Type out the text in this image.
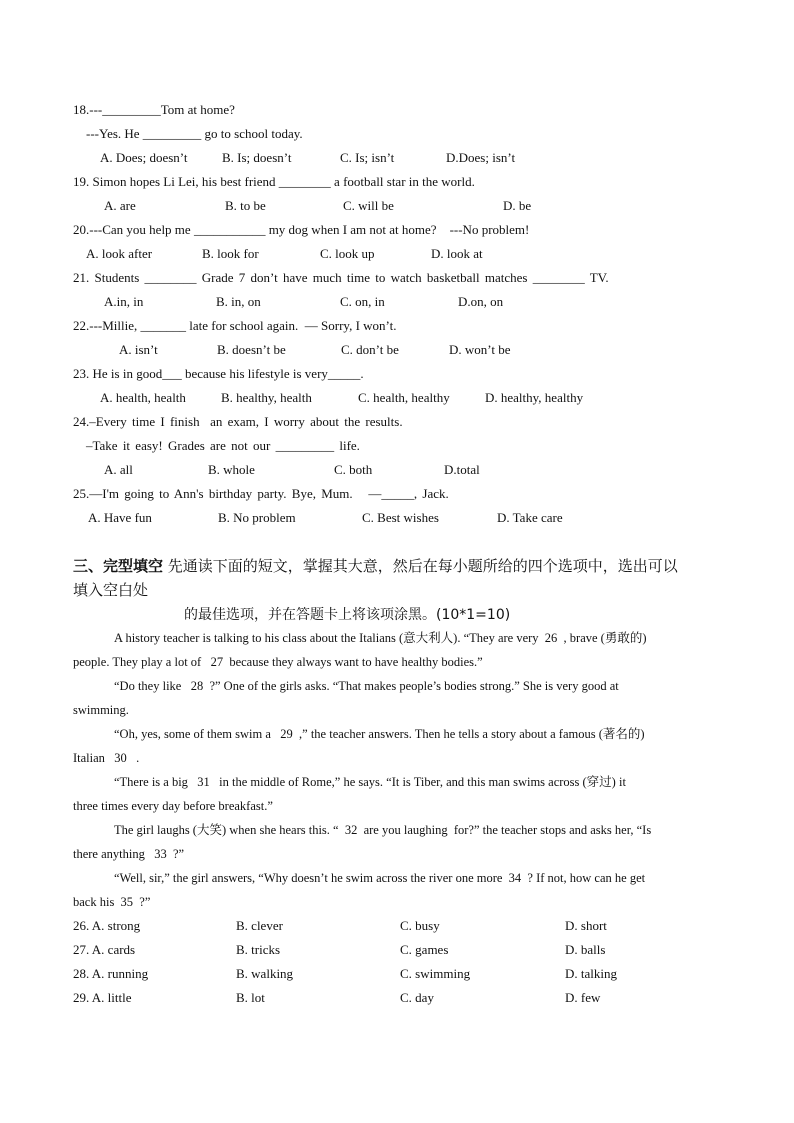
18.---_________Tom at home?
---Yes. He _________ go to school today.
A. Does; doesn’t	B. Is; doesn’t	C. Is; isn’t	D.Does; isn’t
19. Simon hopes Li Lei, his best friend ________ a football star in the world.
A. are	B. to be	C. will be	D. be
20.---Can you help me ___________ my dog when I am not at home?    ---No problem!
A. look after	B. look for	C. look up	D. look at
21. Students ________ Grade 7 don’t have much time to watch basketball matches ________ TV.
A.in, in	B. in, on	C. on, in	D.on, on
22.---Millie, _______ late for school again.  — Sorry, I won’t.
A. isn’t	B. doesn’t be	C. don’t be	D. won’t be
23. He is in good___ because his lifestyle is very_____.
A. health, health	B. healthy, health	C. health, healthy	D. healthy, healthy
24.–Every time I finish  an exam, I worry about the results.
–Take it easy! Grades are not our _________ life.
A. all	B. whole	C. both	D.total
25.—I'm going to Ann's birthday party. Bye, Mum.   —_____, Jack.
A. Have fun	B. No problem	C. Best wishes	D. Take care
三、完型填空 先通读下面的短文，掌握其大意，然后在每小题所给的四个选项中，选出可以
填入空白处
的最佳选项，并在答题卡上将该项涂黑。(10*1=10)
A history teacher is talking to his class about the Italians (意大利人). “They are very  26  , brave (勇敢的)
people. They play a lot of   27  because they always want to have healthy bodies.”
“Do they like   28  ?” One of the girls asks. “That makes people’s bodies strong.” She is very good at
swimming.
“Oh, yes, some of them swim a   29  ,” the teacher answers. Then he tells a story about a famous (著名的)
Italian   30   .
“There is a big   31   in the middle of Rome,” he says. “It is Tiber, and this man swims across (穿过) it
three times every day before breakfast.”
The girl laughs (大笑) when she hears this. “  32  are you laughing  for?” the teacher stops and asks her, “Is
there anything   33  ?”
“Well, sir,” the girl answers, “Why doesn’t he swim across the river one more  34  ? If not, how can he get
back his  35  ?”
26. A. strong	B. clever	C. busy	D. short
27. A. cards	B. tricks	C. games	D. balls
28. A. running	B. walking	C. swimming	D. talking
29. A. little	B. lot	C. day	D. few
